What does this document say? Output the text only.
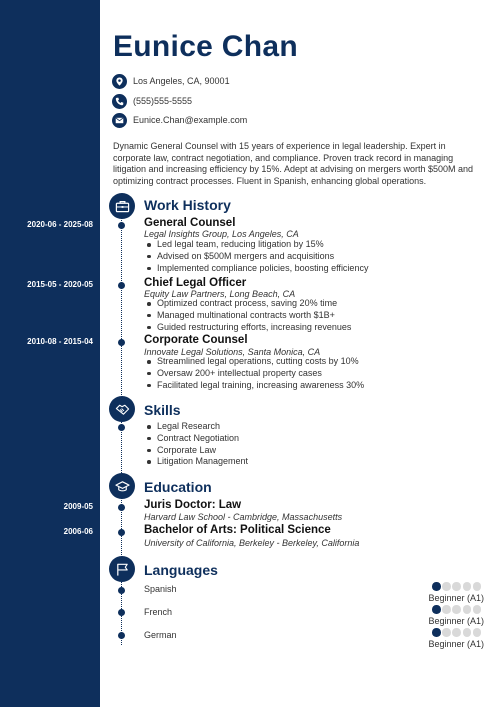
Eunice Chan
Los Angeles, CA, 90001
(555)555-5555
Eunice.Chan@example.com
Dynamic General Counsel with 15 years of experience in legal leadership. Expert in corporate law, contract negotiation, and compliance. Proven track record in managing litigation and increasing efficiency by 15%. Adept at advising on mergers worth $500M and optimizing contract processes. Fluent in Spanish, enhancing global operations.
Work History
2020-06 - 2025-08	General Counsel
Legal Insights Group, Los Angeles, CA
Led legal team, reducing litigation by 15%
Advised on $500M mergers and acquisitions
Implemented compliance policies, boosting efficiency
2015-05 - 2020-05	Chief Legal Officer
Equity Law Partners, Long Beach, CA
Optimized contract process, saving 20% time
Managed multinational contracts worth $1B+
Guided restructuring efforts, increasing revenues
2010-08 - 2015-04	Corporate Counsel
Innovate Legal Solutions, Santa Monica, CA
Streamlined legal operations, cutting costs by 10%
Oversaw 200+ intellectual property cases
Facilitated legal training, increasing awareness 30%
Skills
Legal Research
Contract Negotiation
Corporate Law
Litigation Management
Education
2009-05	Juris Doctor: Law
Harvard Law School - Cambridge, Massachusetts
2006-06	Bachelor of Arts: Political Science
University of California, Berkeley - Berkeley, California
Languages
Spanish
Beginner (A1)
French
Beginner (A1)
German
Beginner (A1)
